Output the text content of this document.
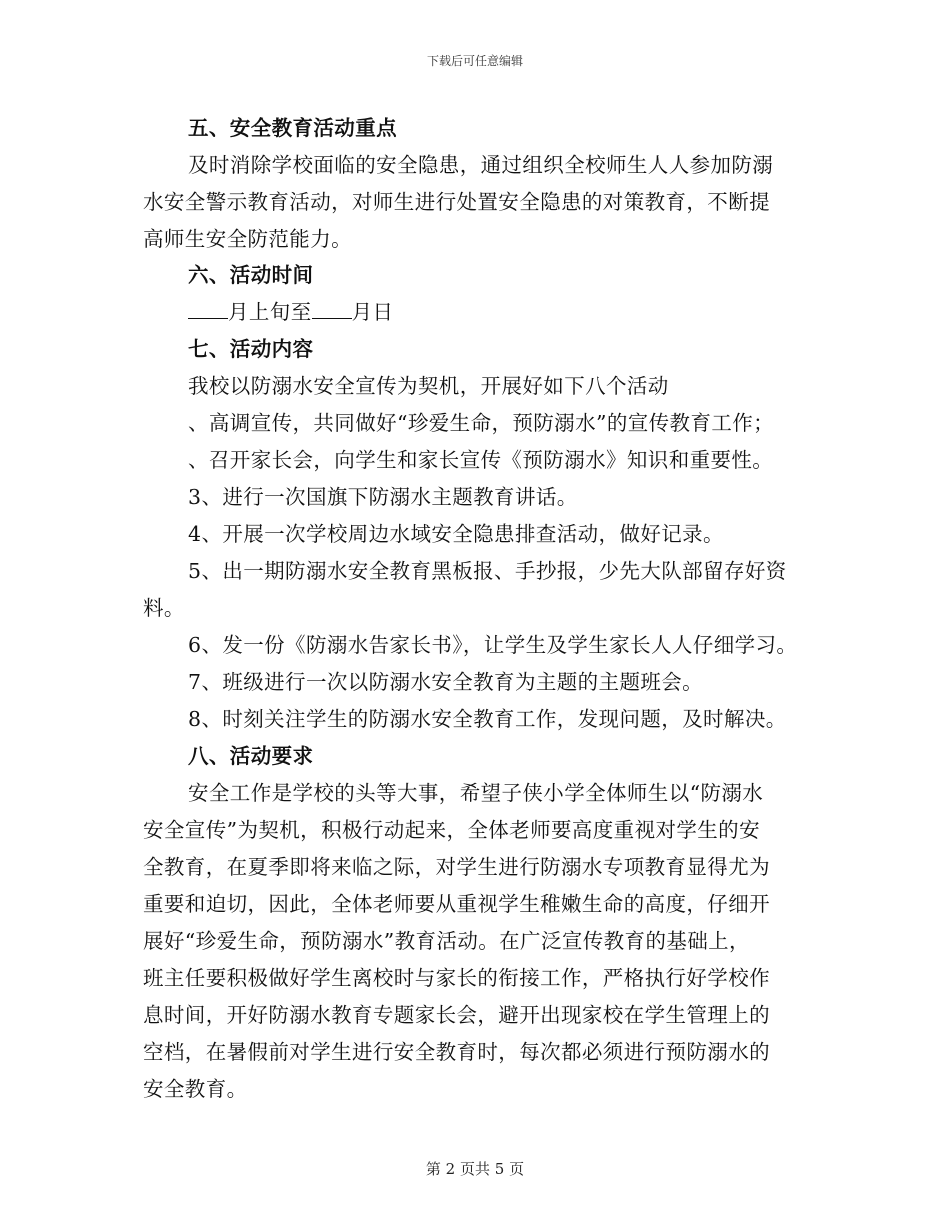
下载后可任意编辑
五、安全教育活动重点
及时消除学校面临的安全隐患，通过组织全校师生人人参加防溺
水安全警示教育活动，对师生进行处置安全隐患的对策教育，不断提
高师生安全防范能力。
六、活动时间
月上旬至 月日
七、活动内容
我校以防溺水安全宣传为契机，开展好如下八个活动
、高调宣传，共同做好“珍爱生命，预防溺水”的宣传教育工作；
、召开家长会，向学生和家长宣传《预防溺水》知识和重要性。
3、进行一次国旗下防溺水主题教育讲话。
4、开展一次学校周边水域安全隐患排查活动，做好记录。
5、出一期防溺水安全教育黑板报、手抄报，少先大队部留存好资
料。
6、发一份《防溺水告家长书》，让学生及学生家长人人仔细学习。
7、班级进行一次以防溺水安全教育为主题的主题班会。
8、时刻关注学生的防溺水安全教育工作，发现问题，及时解决。
八、活动要求
安全工作是学校的头等大事，希望子侠小学全体师生以“防溺水
安全宣传”为契机，积极行动起来，全体老师要高度重视对学生的安
全教育，在夏季即将来临之际，对学生进行防溺水专项教育显得尤为
重要和迫切，因此，全体老师要从重视学生稚嫩生命的高度，仔细开
展好“珍爱生命，预防溺水”教育活动。在广泛宣传教育的基础上，
班主任要积极做好学生离校时与家长的衔接工作，严格执行好学校作
息时间，开好防溺水教育专题家长会，避开出现家校在学生管理上的
空档，在暑假前对学生进行安全教育时，每次都必须进行预防溺水的
安全教育。
第 2 页共 5 页
